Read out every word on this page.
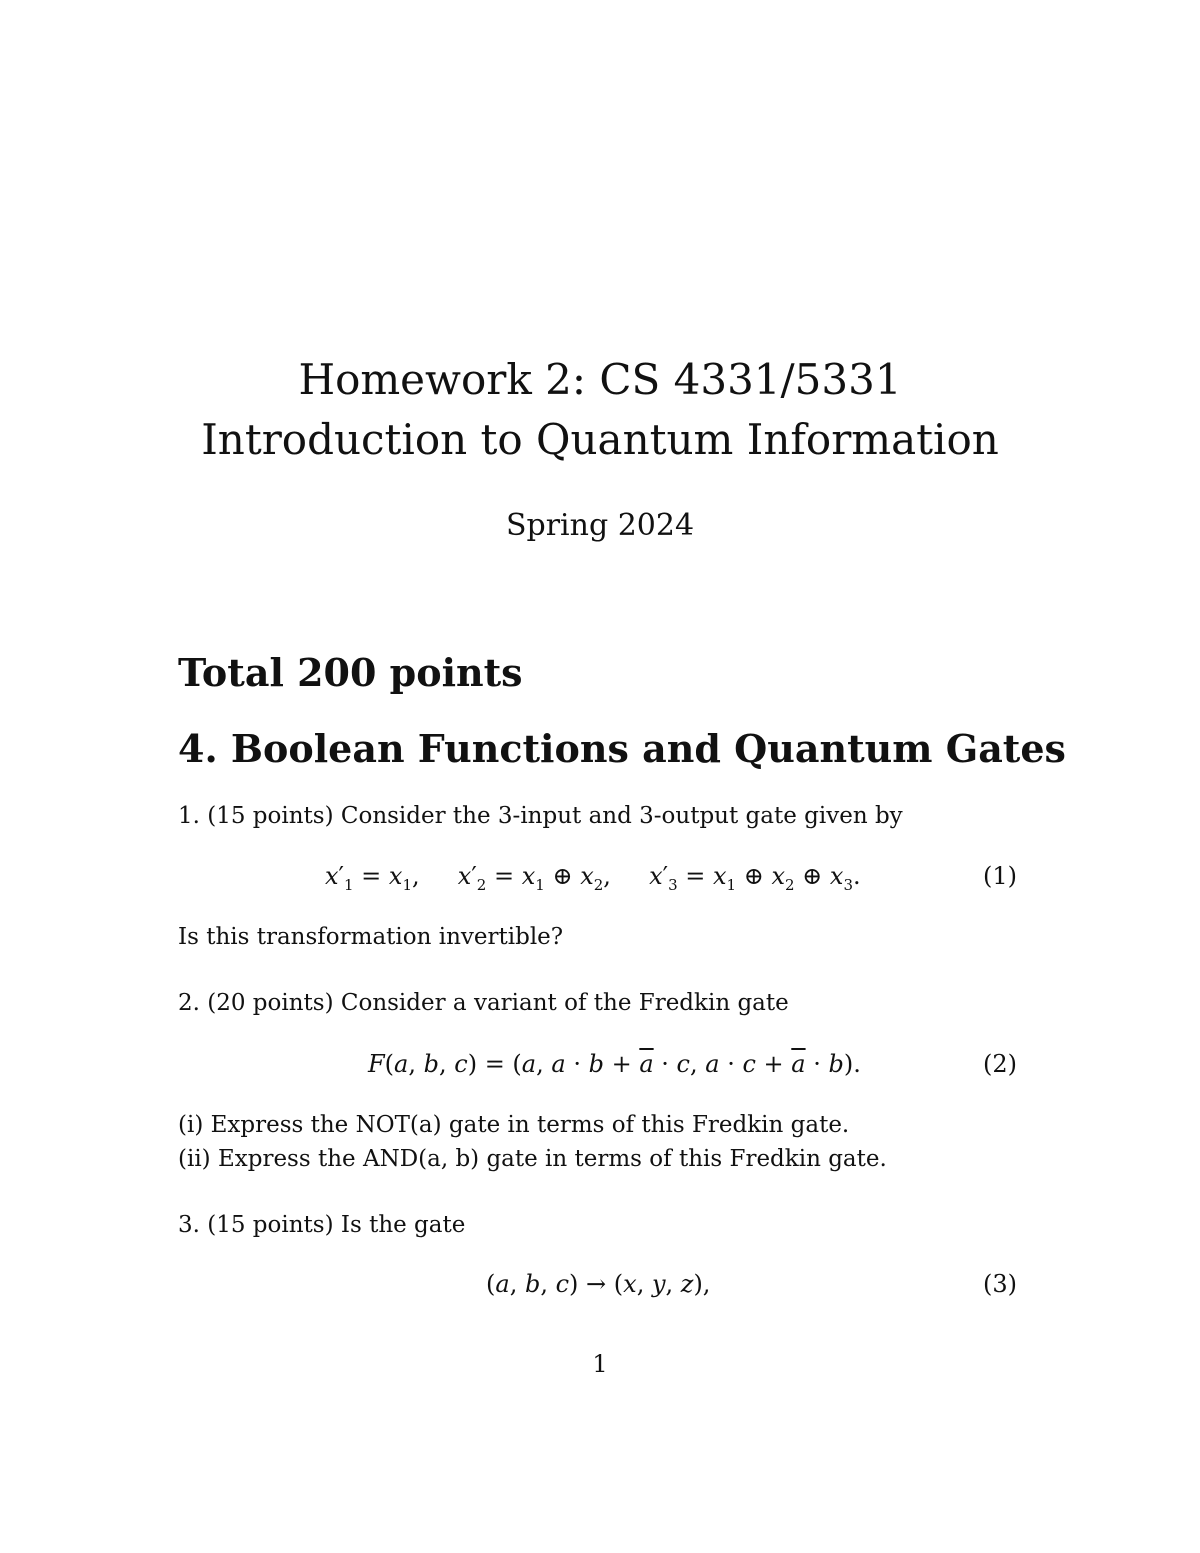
Homework 2: CS 4331/5331
Introduction to Quantum Information
Spring 2024
Total 200 points
4. Boolean Functions and Quantum Gates
1. (15 points) Consider the 3-input and 3-output gate given by
$x'_1 = x_1$,     $x'_2 = x_1$ ⊕ $x_2$,     $x'_3 = x_1$ ⊕ $x_2$ ⊕ $x_3$.	(1)
Is this transformation invertible?
2. (20 points) Consider a variant of the Fredkin gate
F(a, b, c) = (a, $a \cdot b + \overline{a} \cdot c$, $a \cdot c + \overline{a} \cdot b$).	(2)
(i) Express the NOT(a) gate in terms of this Fredkin gate.
(ii) Express the AND(a, b) gate in terms of this Fredkin gate.
3. (15 points) Is the gate
(a, b, c) → (x, y, z),	(3)
1
